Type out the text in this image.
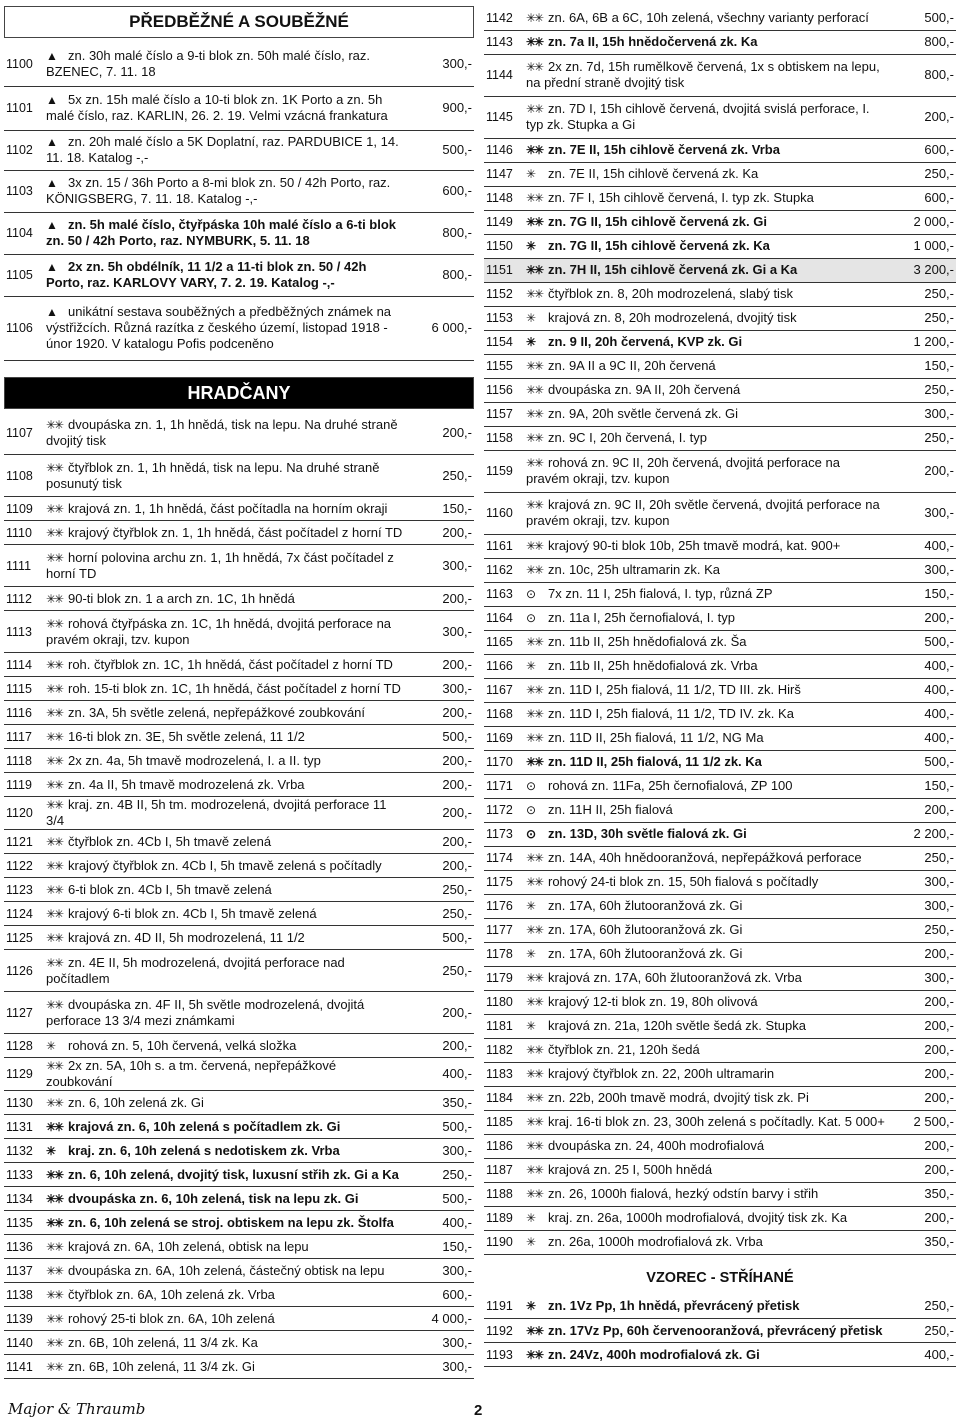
PŘEDBĚŽNÉ A SOUBĚŽNÉ
1100	▲ zn. 30h malé číslo a 9-ti blok zn. 50h malé číslo, raz. BZENEC, 7. 11. 18	300,-
1101	▲ 5x zn. 15h malé číslo a 10-ti blok zn. 1K Porto a zn. 5h malé číslo, raz. KARLIN, 26. 2. 19. Velmi vzácná frankatura	900,-
1102	▲ zn. 20h malé číslo a 5K Doplatní, raz. PARDUBICE 1, 14. 11. 18. Katalog -,-	500,-
1103	▲ 3x zn. 15 / 36h Porto a 8-mi blok zn. 50 / 42h Porto, raz. KÖNIGSBERG, 7. 11. 18. Katalog -,-	600,-
1104	▲ zn. 5h malé číslo, čtyřpáska 10h malé číslo a 6-ti blok zn. 50 / 42h Porto, raz. NYMBURK, 5. 11. 18	800,-
1105	▲ 2x zn. 5h obdélník, 11 1/2 a 11-ti blok zn. 50 / 42h Porto, raz. KARLOVY VARY, 7. 2. 19. Katalog -,-	800,-
1106	▲ unikátní sestava souběžných a předběžných známek na výstřižcích. Různá razítka z českého území, listopad 1918 - únor 1920. V katalogu Pofis podceněno	6 000,-
HRADČANY
1107	✳✳ dvoupáska zn. 1, 1h hnědá, tisk na lepu. Na druhé straně dvojitý tisk	200,-
1108	✳✳ čtyřblok zn. 1, 1h hnědá, tisk na lepu. Na druhé straně posunutý tisk	250,-
1109	✳✳ krajová zn. 1, 1h hnědá, část počítadla na horním okraji	150,-
1110	✳✳ krajový čtyřblok zn. 1, 1h hnědá, část počítadel z horní TD	200,-
1111	✳✳ horní polovina archu zn. 1, 1h hnědá, 7x část počítadel z horní TD	300,-
1112	✳✳ 90-ti blok zn. 1 a arch zn. 1C, 1h hnědá	200,-
1113	✳✳ rohová čtyřpáska zn. 1C, 1h hnědá, dvojitá perforace na pravém okraji, tzv. kupon	300,-
1114	✳✳ roh. čtyřblok zn. 1C, 1h hnědá, část počítadel z horní TD	200,-
1115	✳✳ roh. 15-ti blok zn. 1C, 1h hnědá, část počítadel z horní TD	300,-
1116	✳✳ zn. 3A, 5h světle zelená, nepřepážkové zoubkování	200,-
1117	✳✳ 16-ti blok zn. 3E, 5h světle zelená, 11 1/2	500,-
1118	✳✳ 2x zn. 4a, 5h tmavě modrozelená, I. a II. typ	200,-
1119	✳✳ zn. 4a II, 5h tmavě modrozelená zk. Vrba	200,-
1120	✳✳ kraj. zn. 4B II, 5h tm. modrozelená, dvojitá perforace 11 3/4	200,-
1121	✳✳ čtyřblok zn. 4Cb I, 5h tmavě zelená	200,-
1122	✳✳ krajový čtyřblok zn. 4Cb I, 5h tmavě zelená s počítadly	200,-
1123	✳✳ 6-ti blok zn. 4Cb I, 5h tmavě zelená	250,-
1124	✳✳ krajový 6-ti blok zn. 4Cb I, 5h tmavě zelená	250,-
1125	✳✳ krajová zn. 4D II, 5h modrozelená, 11 1/2	500,-
1126	✳✳ zn. 4E II, 5h modrozelená, dvojitá perforace nad počítadlem	250,-
1127	✳✳ dvoupáska zn. 4F II, 5h světle modrozelená, dvojitá perforace 13 3/4 mezi známkami	200,-
1128	✳ rohová zn. 5, 10h červená, velká složka	200,-
1129	✳✳ 2x zn. 5A, 10h s. a tm. červená, nepřepážkové zoubkování	400,-
1130	✳✳ zn. 6, 10h zelená zk. Gi	350,-
1131	✳✳ krajová zn. 6, 10h zelená s počítadlem zk. Gi	500,-
1132	✳ kraj. zn. 6, 10h zelená s nedotiskem zk. Vrba	300,-
1133	✳✳ zn. 6, 10h zelená, dvojitý tisk, luxusní střih zk. Gi a Ka	250,-
1134	✳✳ dvoupáska zn. 6, 10h zelená, tisk na lepu zk. Gi	500,-
1135	✳✳ zn. 6, 10h zelená se stroj. obtiskem na lepu zk. Štolfa	400,-
1136	✳✳ krajová zn. 6A, 10h zelená, obtisk na lepu	150,-
1137	✳✳ dvoupáska zn. 6A, 10h zelená, částečný obtisk na lepu	300,-
1138	✳✳ čtyřblok zn. 6A, 10h zelená zk. Vrba	600,-
1139	✳✳ rohový 25-ti blok zn. 6A, 10h zelená	4 000,-
1140	✳✳ zn. 6B, 10h zelená, 11 3/4 zk. Ka	300,-
1141	✳✳ zn. 6B, 10h zelená, 11 3/4 zk. Gi	300,-
1142	✳✳ zn. 6A, 6B a 6C, 10h zelená, všechny varianty perforací	500,-
1143	✳✳ zn. 7a II, 15h hnědočervená zk. Ka	800,-
1144	✳✳ 2x zn. 7d, 15h rumělkově červená, 1x s obtiskem na lepu, na přední straně dvojitý tisk	800,-
1145	✳✳ zn. 7D I, 15h cihlově červená, dvojitá svislá perforace, I. typ zk. Stupka a Gi	200,-
1146	✳✳ zn. 7E II, 15h cihlově červená zk. Vrba	600,-
1147	✳ zn. 7E II, 15h cihlově červená zk. Ka	250,-
1148	✳✳ zn. 7F I, 15h cihlově červená, I. typ zk. Stupka	600,-
1149	✳✳ zn. 7G II, 15h cihlově červená zk. Gi	2 000,-
1150	✳ zn. 7G II, 15h cihlově červená zk. Ka	1 000,-
1151	✳✳ zn. 7H II, 15h cihlově červená zk. Gi a Ka	3 200,-
1152	✳✳ čtyřblok zn. 8, 20h modrozelená, slabý tisk	250,-
1153	✳ krajová zn. 8, 20h modrozelená, dvojitý tisk	250,-
1154	✳ zn. 9 II, 20h červená, KVP zk. Gi	1 200,-
1155	✳✳ zn. 9A II a 9C II, 20h červená	150,-
1156	✳✳ dvoupáska zn. 9A II, 20h červená	250,-
1157	✳✳ zn. 9A, 20h světle červená zk. Gi	300,-
1158	✳✳ zn. 9C I, 20h červená, I. typ	250,-
1159	✳✳ rohová zn. 9C II, 20h červená, dvojitá perforace na pravém okraji, tzv. kupon	200,-
1160	✳✳ krajová zn. 9C II, 20h světle červená, dvojitá perforace na pravém okraji, tzv. kupon	300,-
1161	✳✳ krajový 90-ti blok 10b, 25h tmavě modrá, kat. 900+	400,-
1162	✳✳ zn. 10c, 25h ultramarin zk. Ka	300,-
1163	⊙ 7x zn. 11 I, 25h fialová, I. typ, různá ZP	150,-
1164	⊙ zn. 11a I, 25h černofialová, I. typ	200,-
1165	✳✳ zn. 11b II, 25h hnědofialová zk. Ša	500,-
1166	✳ zn. 11b II, 25h hnědofialová zk. Vrba	400,-
1167	✳✳ zn. 11D I, 25h fialová, 11 1/2, TD III. zk. Hirš	400,-
1168	✳✳ zn. 11D I, 25h fialová, 11 1/2, TD IV. zk. Ka	400,-
1169	✳✳ zn. 11D II, 25h fialová, 11 1/2, NG Ma	400,-
1170	✳✳ zn. 11D II, 25h fialová, 11 1/2 zk. Ka	500,-
1171	⊙ rohová zn. 11Fa, 25h černofialová, ZP 100	150,-
1172	⊙ zn. 11H II, 25h fialová	200,-
1173	⊙ zn. 13D, 30h světle fialová zk. Gi	2 200,-
1174	✳✳ zn. 14A, 40h hnědooranžová, nepřepážková perforace	250,-
1175	✳✳ rohový 24-ti blok zn. 15, 50h fialová s počítadly	300,-
1176	✳ zn. 17A, 60h žlutooranžová zk. Gi	300,-
1177	✳✳ zn. 17A, 60h žlutooranžová zk. Gi	250,-
1178	✳ zn. 17A, 60h žlutooranžová zk. Gi	200,-
1179	✳✳ krajová zn. 17A, 60h žlutooranžová zk. Vrba	300,-
1180	✳✳ krajový 12-ti blok zn. 19, 80h olivová	200,-
1181	✳ krajová zn. 21a, 120h světle šedá zk. Stupka	200,-
1182	✳✳ čtyřblok zn. 21, 120h šedá	200,-
1183	✳✳ krajový čtyřblok zn. 22, 200h ultramarin	200,-
1184	✳✳ zn. 22b, 200h tmavě modrá, dvojitý tisk zk. Pi	200,-
1185	✳✳ kraj. 16-ti blok zn. 23, 300h zelená s počítadly. Kat. 5 000+	2 500,-
1186	✳✳ dvoupáska zn. 24, 400h modrofialová	200,-
1187	✳✳ krajová zn. 25 I, 500h hnědá	200,-
1188	✳✳ zn. 26, 1000h fialová, hezký odstín barvy i střih	350,-
1189	✳ kraj. zn. 26a, 1000h modrofialová, dvojitý tisk zk. Ka	200,-
1190	✳ zn. 26a, 1000h modrofialová zk. Vrba	350,-
VZOREC - STŘÍHANÉ
1191	✳ zn. 1Vz Pp, 1h hnědá, převrácený přetisk	250,-
1192	✳✳ zn. 17Vz Pp, 60h červenooranžová, převrácený přetisk	250,-
1193	✳✳ zn. 24Vz, 400h modrofialová zk. Gi	400,-
Major & Thraumb	2
